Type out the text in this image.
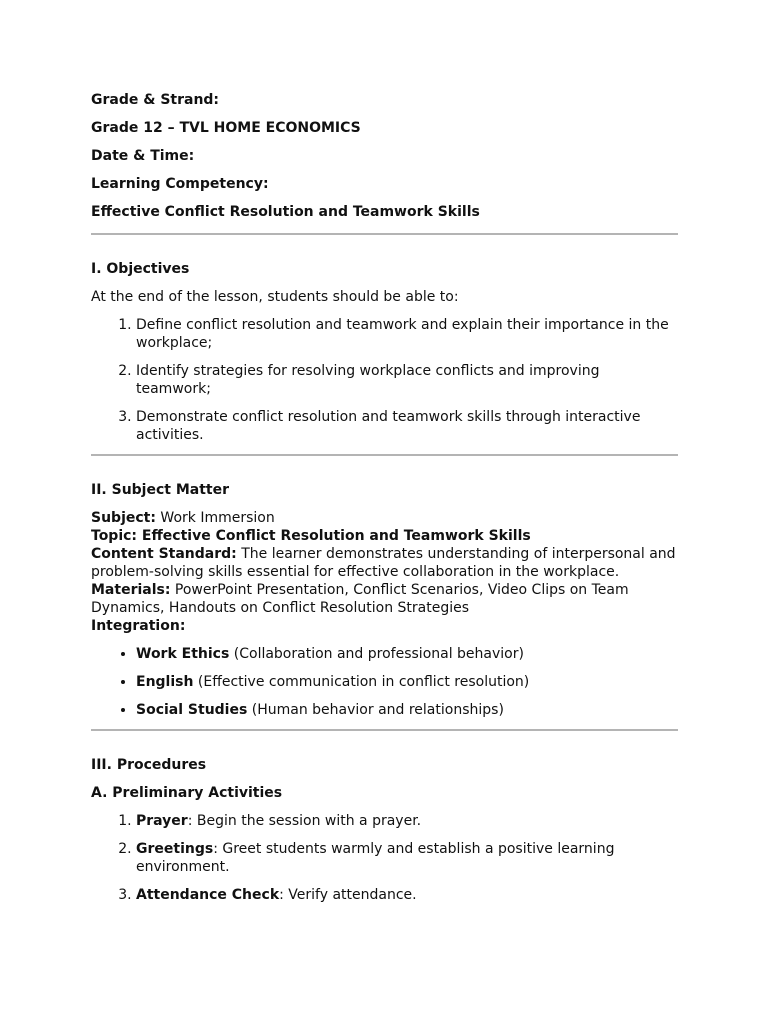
Grade & Strand:

Grade 12 – TVL HOME ECONOMICS

Date & Time:

Learning Competency:

Effective Conflict Resolution and Teamwork Skills

I. Objectives

At the end of the lesson, students should be able to:

1. Define conflict resolution and teamwork and explain their importance in the workplace;
2. Identify strategies for resolving workplace conflicts and improving teamwork;
3. Demonstrate conflict resolution and teamwork skills through interactive activities.

II. Subject Matter

Subject: Work Immersion

Topic: Effective Conflict Resolution and Teamwork Skills

Content Standard: The learner demonstrates understanding of interpersonal and problem-solving skills essential for effective collaboration in the workplace.

Materials: PowerPoint Presentation, Conflict Scenarios, Video Clips on Team Dynamics, Handouts on Conflict Resolution Strategies

Integration:

• Work Ethics (Collaboration and professional behavior)
• English (Effective communication in conflict resolution)
• Social Studies (Human behavior and relationships)

III. Procedures

A. Preliminary Activities

1. Prayer: Begin the session with a prayer.
2. Greetings: Greet students warmly and establish a positive learning environment.
3. Attendance Check: Verify attendance.
